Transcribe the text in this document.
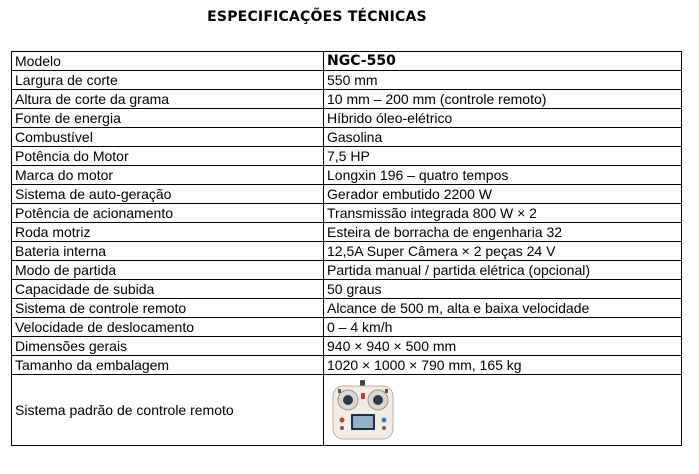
ESPECIFICAÇÕES TÉCNICAS
Modelo	NGC-550
Largura de corte	550 mm
Altura de corte da grama	10 mm – 200 mm (controle remoto)
Fonte de energia	Híbrido óleo-elétrico
Combustível	Gasolina
Potência do Motor	7,5 HP
Marca do motor	Longxin 196 – quatro tempos
Sistema de auto-geração	Gerador embutido 2200 W
Potência de acionamento	Transmissão integrada 800 W × 2
Roda motriz	Esteira de borracha de engenharia 32
Bateria interna	12,5A Super Câmera × 2 peças 24 V
Modo de partida	Partida manual / partida elétrica (opcional)
Capacidade de subida	50 graus
Sistema de controle remoto	Alcance de 500 m, alta e baixa velocidade
Velocidade de deslocamento	0 – 4 km/h
Dimensões gerais	940 × 940 × 500 mm
Tamanho da embalagem	1020 × 1000 × 790 mm, 165 kg
Sistema padrão de controle remoto	
